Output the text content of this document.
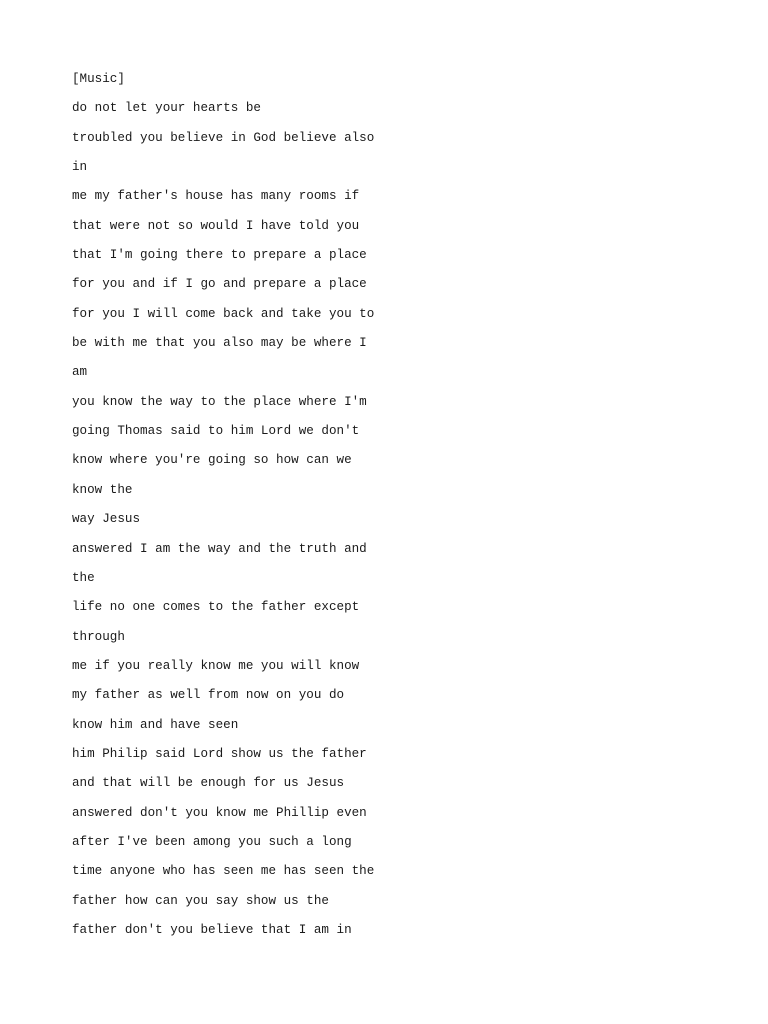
[Music]
do not let your hearts be
troubled you believe in God believe also
in
me my father's house has many rooms if
that were not so would I have told you
that I'm going there to prepare a place
for you and if I go and prepare a place
for you I will come back and take you to
be with me that you also may be where I
am
you know the way to the place where I'm
going Thomas said to him Lord we don't
know where you're going so how can we
know the
way Jesus
answered I am the way and the truth and
the
life no one comes to the father except
through
me if you really know me you will know
my father as well from now on you do
know him and have seen
him Philip said Lord show us the father
and that will be enough for us Jesus
answered don't you know me Phillip even
after I've been among you such a long
time anyone who has seen me has seen the
father how can you say show us the
father don't you believe that I am in
